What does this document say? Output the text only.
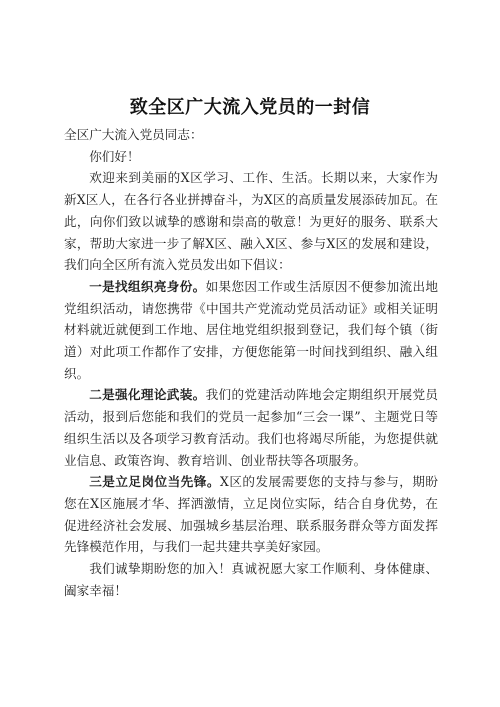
致全区广大流入党员的一封信

全区广大流入党员同志：

你们好！

欢迎来到美丽的X区学习、工作、生活。长期以来，大家作为新X区人，在各行各业拼搏奋斗，为X区的高质量发展添砖加瓦。在此，向你们致以诚挚的感谢和崇高的敬意！为更好的服务、联系大家，帮助大家进一步了解X区、融入X区、参与X区的发展和建设，我们向全区所有流入党员发出如下倡议：

一是找组织亮身份。如果您因工作或生活原因不便参加流出地党组织活动，请您携带《中国共产党流动党员活动证》或相关证明材料就近就便到工作地、居住地党组织报到登记，我们每个镇（街道）对此项工作都作了安排，方便您能第一时间找到组织、融入组织。

二是强化理论武装。我们的党建活动阵地会定期组织开展党员活动，报到后您能和我们的党员一起参加“三会一课”、主题党日等组织生活以及各项学习教育活动。我们也将竭尽所能，为您提供就业信息、政策咨询、教育培训、创业帮扶等各项服务。

三是立足岗位当先锋。X区的发展需要您的支持与参与，期盼您在X区施展才华、挥洒激情，立足岗位实际，结合自身优势，在促进经济社会发展、加强城乡基层治理、联系服务群众等方面发挥先锋模范作用，与我们一起共建共享美好家园。

我们诚挚期盼您的加入！真诚祝愿大家工作顺利、身体健康、阖家幸福！
